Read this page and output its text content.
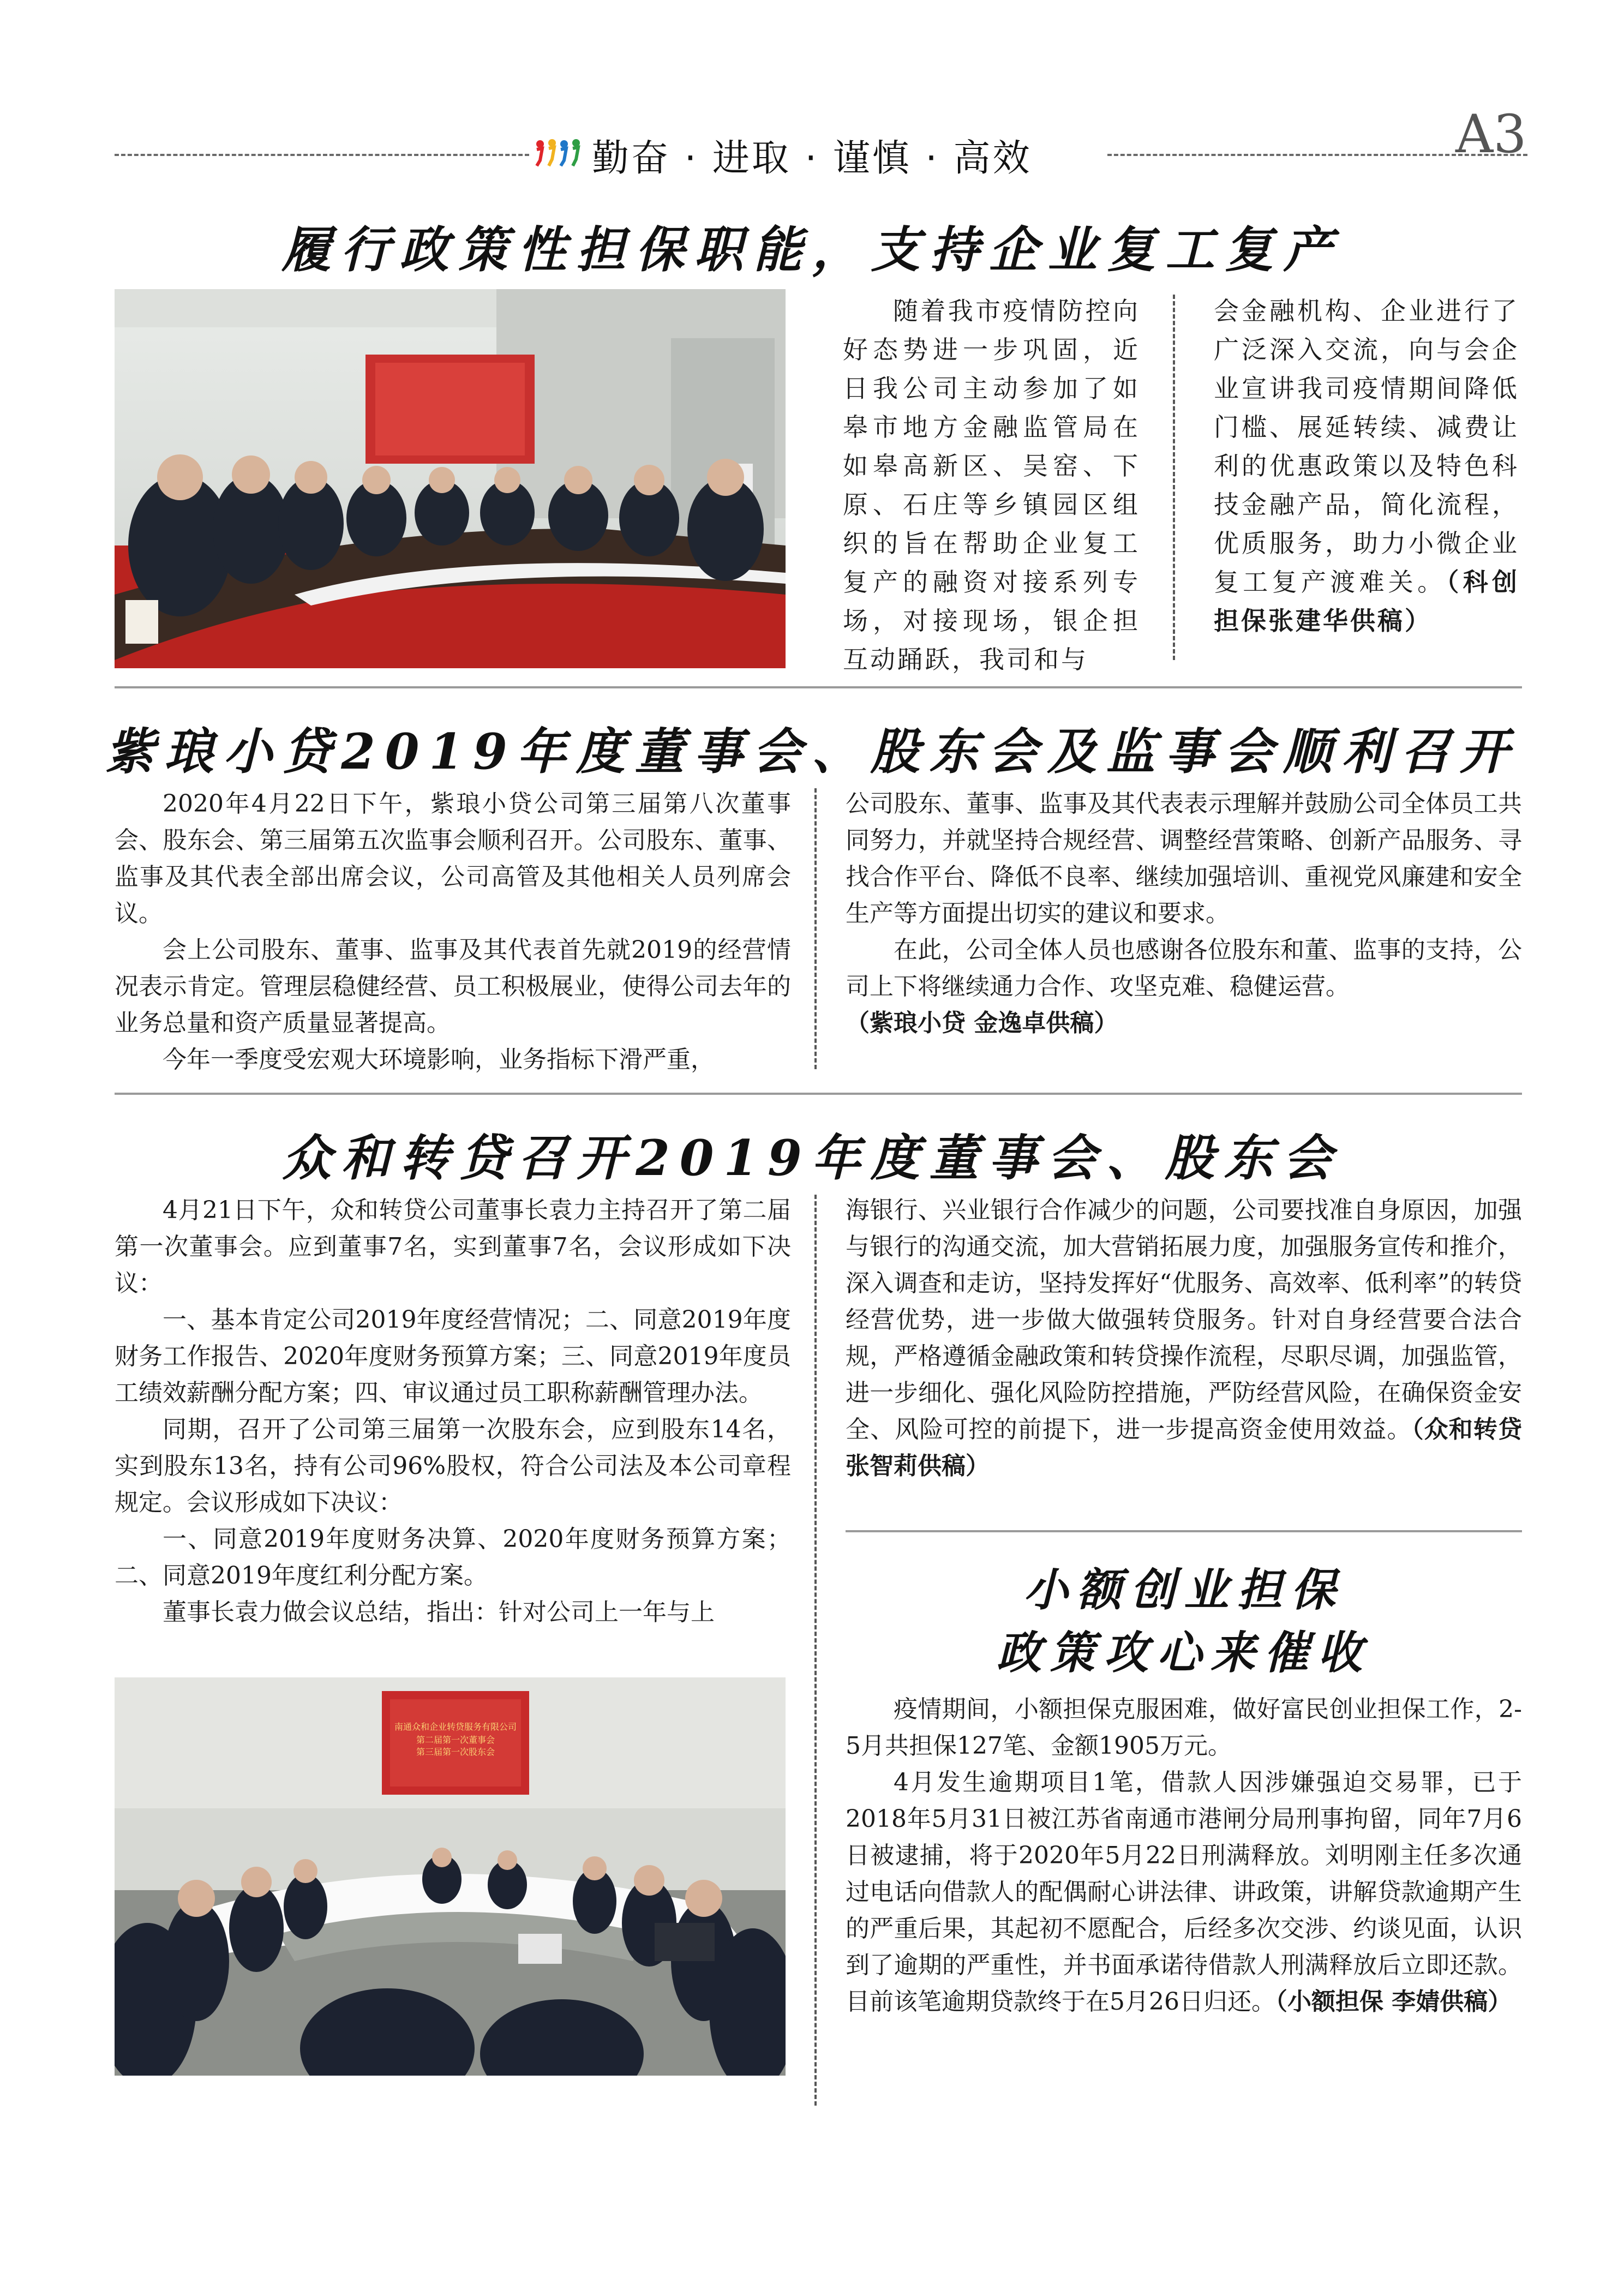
勤奋 · 进取 · 谨慎 · 高效	A3
履行政策性担保职能，支持企业复工复产

随着我市疫情防控向好态势进一步巩固，近日我公司主动参加了如皋市地方金融监管局在如皋高新区、吴窑、下原、石庄等乡镇园区组织的旨在帮助企业复工复产的融资对接系列专场，对接现场，银企担互动踊跃，我司和与

会金融机构、企业进行了广泛深入交流，向与会企业宣讲我司疫情期间降低门槛、展延转续、减费让利的优惠政策以及特色科技金融产品，简化流程，优质服务，助力小微企业复工复产渡难关。（科创担保张建华供稿）

紫琅小贷2019年度董事会、股东会及监事会顺利召开

2020年4月22日下午，紫琅小贷公司第三届第八次董事会、股东会、第三届第五次监事会顺利召开。公司股东、董事、监事及其代表全部出席会议，公司高管及其他相关人员列席会议。

会上公司股东、董事、监事及其代表首先就2019的经营情况表示肯定。管理层稳健经营、员工积极展业，使得公司去年的业务总量和资产质量显著提高。

今年一季度受宏观大环境影响，业务指标下滑严重，

公司股东、董事、监事及其代表表示理解并鼓励公司全体员工共同努力，并就坚持合规经营、调整经营策略、创新产品服务、寻找合作平台、降低不良率、继续加强培训、重视党风廉建和安全生产等方面提出切实的建议和要求。

在此，公司全体人员也感谢各位股东和董、监事的支持，公司上下将继续通力合作、攻坚克难、稳健运营。

（紫琅小贷 金逸卓供稿）

众和转贷召开2019年度董事会、股东会

4月21日下午，众和转贷公司董事长袁力主持召开了第二届第一次董事会。应到董事7名，实到董事7名，会议形成如下决议：

一、基本肯定公司2019年度经营情况；二、同意2019年度财务工作报告、2020年度财务预算方案；三、同意2019年度员工绩效薪酬分配方案；四、审议通过员工职称薪酬管理办法。

同期，召开了公司第三届第一次股东会，应到股东14名，实到股东13名，持有公司96%股权，符合公司法及本公司章程规定。会议形成如下决议：

一、同意2019年度财务决算、2020年度财务预算方案；二、同意2019年度红利分配方案。

董事长袁力做会议总结，指出：针对公司上一年与上

海银行、兴业银行合作减少的问题，公司要找准自身原因，加强与银行的沟通交流，加大营销拓展力度，加强服务宣传和推介，深入调查和走访，坚持发挥好“优服务、高效率、低利率”的转贷经营优势，进一步做大做强转贷服务。针对自身经营要合法合规，严格遵循金融政策和转贷操作流程，尽职尽调，加强监管，进一步细化、强化风险防控措施，严防经营风险，在确保资金安全、风险可控的前提下，进一步提高资金使用效益。（众和转贷 张智莉供稿）

南通众和企业转贷服务有限公司
第二届第一次董事会
第三届第一次股东会
小额创业担保
政策攻心来催收

疫情期间，小额担保克服困难，做好富民创业担保工作，2-5月共担保127笔、金额1905万元。

4月发生逾期项目1笔，借款人因涉嫌强迫交易罪，已于2018年5月31日被江苏省南通市港闸分局刑事拘留，同年7月6日被逮捕，将于2020年5月22日刑满释放。刘明刚主任多次通过电话向借款人的配偶耐心讲法律、讲政策，讲解贷款逾期产生的严重后果，其起初不愿配合，后经多次交涉、约谈见面，认识到了逾期的严重性，并书面承诺待借款人刑满释放后立即还款。目前该笔逾期贷款终于在5月26日归还。（小额担保 李婧供稿）
